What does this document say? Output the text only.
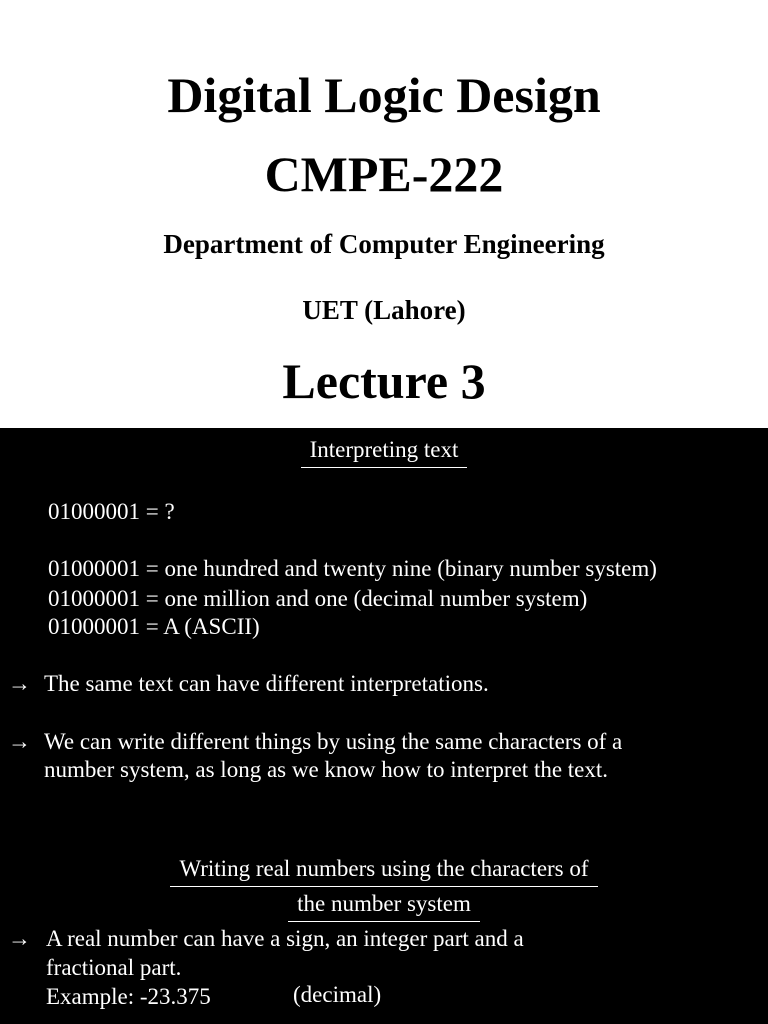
Digital Logic Design
CMPE-222
Department of Computer Engineering
UET (Lahore)
Lecture 3
Interpreting text
01000001 = ?
01000001 = one hundred and twenty nine (binary number system)
01000001 = one million and one (decimal number system)
01000001 = A (ASCII)
→ The same text can have different interpretations.
→ We can write different things by using the same characters of a
number system, as long as we know how to interpret the text.
Writing real numbers using the characters of
the number system
→ A real number can have a sign, an integer part and a
fractional part.
Example: -23.375	(decimal)
